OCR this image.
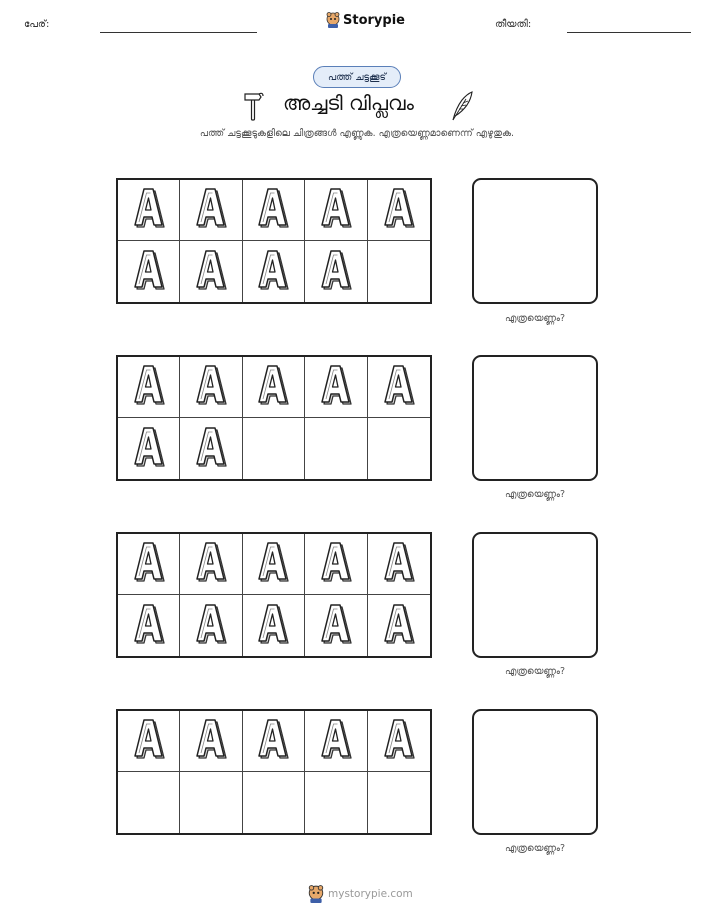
പേര്:	Storypie	തീയതി:
പത്ത് ചട്ടക്കൂട്
അച്ചടി വിപ്ലവം
പത്ത് ചട്ടക്കൂടുകളിലെ ചിത്രങ്ങൾ എണ്ണുക. എത്രയെണ്ണമാണെന്ന് എഴുതുക.
എത്രയെണ്ണം?
എത്രയെണ്ണം?
എത്രയെണ്ണം?
എത്രയെണ്ണം?
mystorypie.com
